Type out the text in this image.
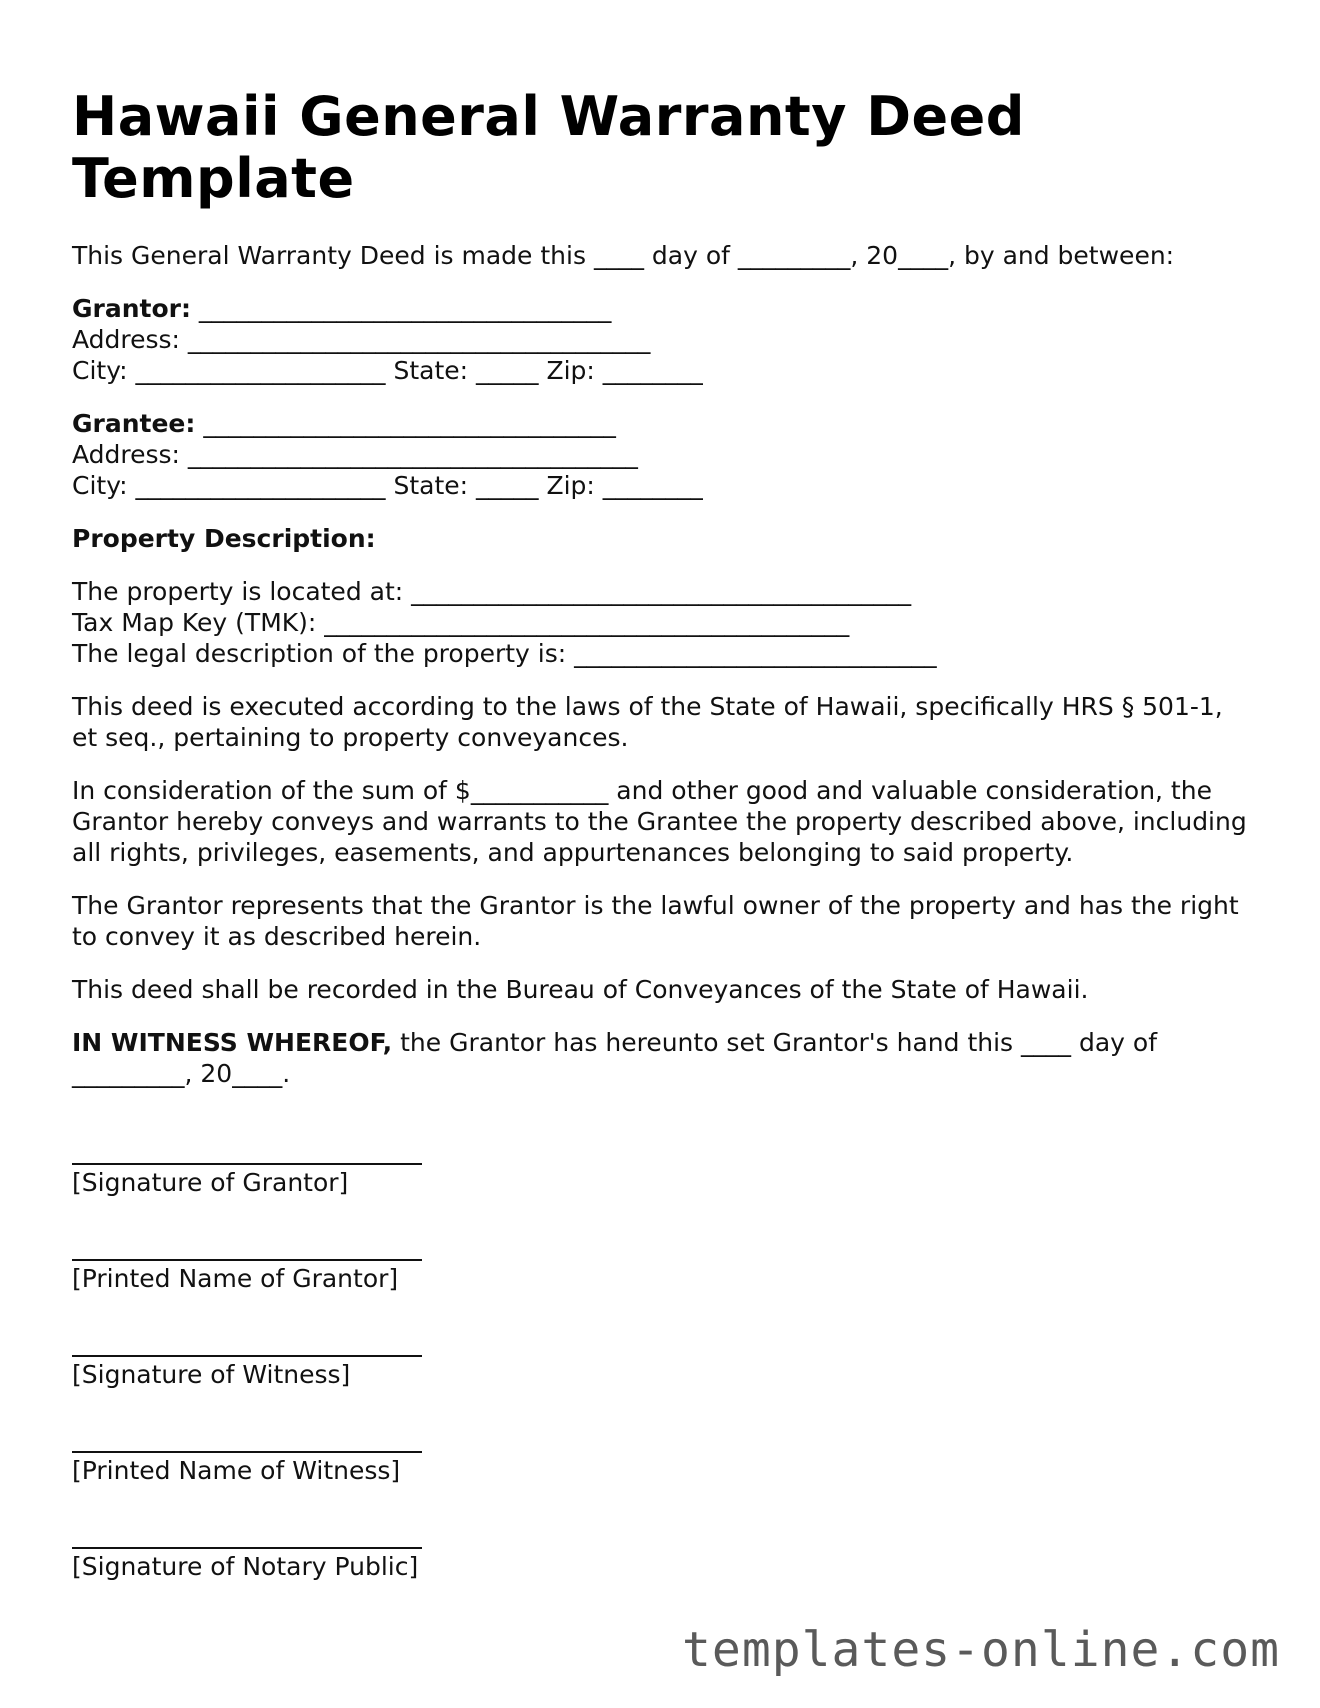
Hawaii General Warranty Deed Template

This General Warranty Deed is made this ____ day of _________, 20____, by and between:

Grantor: _________________________________

Address: _____________________________________

City: ____________________ State: _____ Zip: ________

Grantee: _________________________________

Address: ____________________________________

City: ____________________ State: _____ Zip: ________

Property Description:

The property is located at: ________________________________________

Tax Map Key (TMK): __________________________________________

The legal description of the property is: _____________________________

This deed is executed according to the laws of the State of Hawaii, specifically HRS § 501-1, et seq., pertaining to property conveyances.

In consideration of the sum of $___________ and other good and valuable consideration, the Grantor hereby conveys and warrants to the Grantee the property described above, including all rights, privileges, easements, and appurtenances belonging to said property.

The Grantor represents that the Grantor is the lawful owner of the property and has the right to convey it as described herein.

This deed shall be recorded in the Bureau of Conveyances of the State of Hawaii.

IN WITNESS WHEREOF, the Grantor has hereunto set Grantor's hand this ____ day of _________, 20____.

[Signature of Grantor]

[Printed Name of Grantor]

[Signature of Witness]

[Printed Name of Witness]

[Signature of Notary Public]

templates-online.com
